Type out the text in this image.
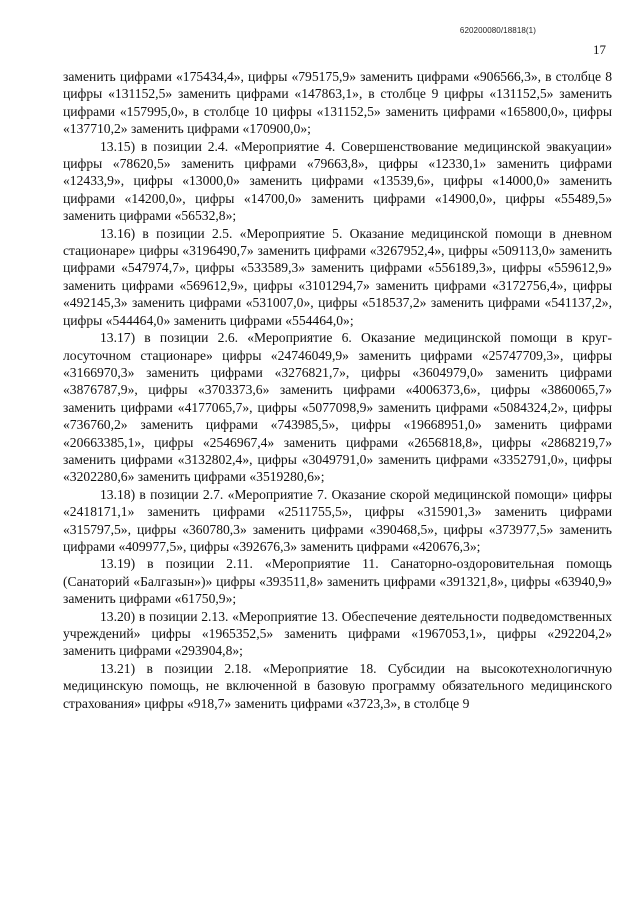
620200080/18818(1)
17

заменить цифрами «175434,4», цифры «795175,9» заменить цифрами «906566,3», в столбце 8 цифры «131152,5» заменить цифрами «147863,1», в столбце 9 цифры «131152,5» заменить цифрами «157995,0», в столбце 10 цифры «131152,5» заменить цифрами «165800,0», цифры «137710,2» заменить цифрами «170900,0»;

13.15) в позиции 2.4. «Мероприятие 4. Совершенствование медицинской эвакуации» цифры «78620,5» заменить цифрами «79663,8», цифры «12330,1» заменить цифрами «12433,9», цифры «13000,0» заменить цифрами «13539,6», цифры «14000,0» заменить цифрами «14200,0», цифры «14700,0» заменить цифрами «14900,0», цифры «55489,5» заменить цифрами «56532,8»;

13.16) в позиции 2.5. «Мероприятие 5. Оказание медицинской помощи в дневном стационаре» цифры «3196490,7» заменить цифрами «3267952,4», цифры «509113,0» заменить цифрами «547974,7», цифры «533589,3» заменить цифрами «556189,3», цифры «559612,9» заменить цифрами «569612,9», цифры «3101294,7» заменить цифрами «3172756,4», цифры «492145,3» заменить цифрами «531007,0», цифры «518537,2» заменить цифрами «541137,2», цифры «544464,0» заменить цифрами «554464,0»;

13.17) в позиции 2.6. «Мероприятие 6. Оказание медицинской помощи в круглосуточном стационаре» цифры «24746049,9» заменить цифрами «25747709,3», цифры «3166970,3» заменить цифрами «3276821,7», цифры «3604979,0» заменить цифрами «3876787,9», цифры «3703373,6» заменить цифрами «4006373,6», цифры «3860065,7» заменить цифрами «4177065,7», цифры «5077098,9» заменить цифрами «5084324,2», цифры «736760,2» заменить цифрами «743985,5», цифры «19668951,0» заменить цифрами «20663385,1», цифры «2546967,4» заменить цифрами «2656818,8», цифры «2868219,7» заменить цифрами «3132802,4», цифры «3049791,0» заменить цифрами «3352791,0», цифры «3202280,6» заменить цифрами «3519280,6»;

13.18) в позиции 2.7. «Мероприятие 7. Оказание скорой медицинской помощи» цифры «2418171,1» заменить цифрами «2511755,5», цифры «315901,3» заменить цифрами «315797,5», цифры «360780,3» заменить цифрами «390468,5», цифры «373977,5» заменить цифрами «409977,5», цифры «392676,3» заменить цифрами «420676,3»;

13.19) в позиции 2.11. «Мероприятие 11. Санаторно-оздоровительная помощь (Санаторий «Балгазын»)» цифры «393511,8» заменить цифрами «391321,8», цифры «63940,9» заменить цифрами «61750,9»;

13.20) в позиции 2.13. «Мероприятие 13. Обеспечение деятельности подведомственных учреждений» цифры «1965352,5» заменить цифрами «1967053,1», цифры «292204,2» заменить цифрами «293904,8»;

13.21) в позиции 2.18. «Мероприятие 18. Субсидии на высокотехнологичную медицинскую помощь, не включенной в базовую программу обязательного медицинского страхования» цифры «918,7» заменить цифрами «3723,3», в столбце 9
